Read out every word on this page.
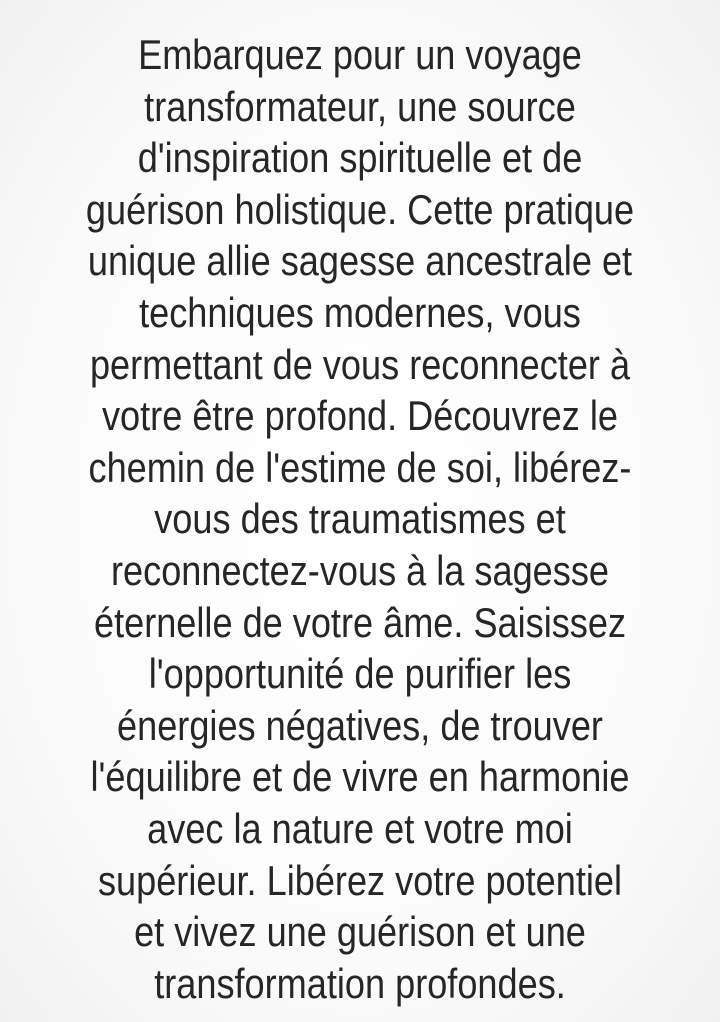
Embarquez pour un voyage
transformateur, une source
d'inspiration spirituelle et de
guérison holistique. Cette pratique
unique allie sagesse ancestrale et
techniques modernes, vous
permettant de vous reconnecter à
votre être profond. Découvrez le
chemin de l'estime de soi, libérez-
vous des traumatismes et
reconnectez-vous à la sagesse
éternelle de votre âme. Saisissez
l'opportunité de purifier les
énergies négatives, de trouver
l'équilibre et de vivre en harmonie
avec la nature et votre moi
supérieur. Libérez votre potentiel
et vivez une guérison et une
transformation profondes.
